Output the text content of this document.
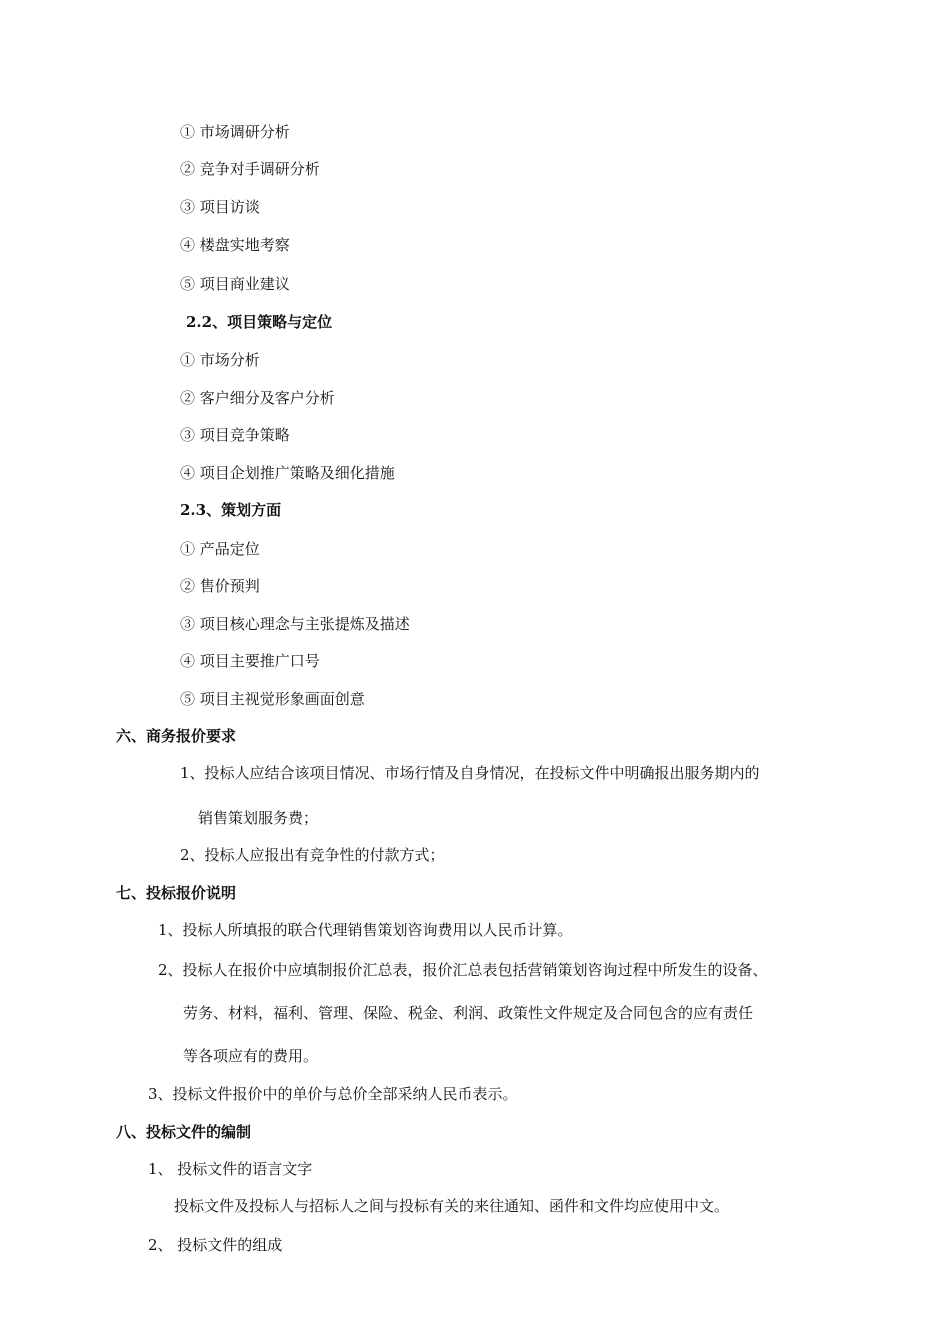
① 市场调研分析
② 竞争对手调研分析
③ 项目访谈
④ 楼盘实地考察
⑤ 项目商业建议
2.2、项目策略与定位
① 市场分析
② 客户细分及客户分析
③ 项目竞争策略
④ 项目企划推广策略及细化措施
2.3、策划方面
① 产品定位
② 售价预判
③ 项目核心理念与主张提炼及描述
④ 项目主要推广口号
⑤ 项目主视觉形象画面创意
六、商务报价要求
1、投标人应结合该项目情况、市场行情及自身情况，在投标文件中明确报出服务期内的
销售策划服务费；
2、投标人应报出有竞争性的付款方式；
七、投标报价说明
1、投标人所填报的联合代理销售策划咨询费用以人民币计算。
2、投标人在报价中应填制报价汇总表，报价汇总表包括营销策划咨询过程中所发生的设备、
劳务、材料，福利、管理、保险、税金、利润、政策性文件规定及合同包含的应有责任
等各项应有的费用。
3、投标文件报价中的单价与总价全部采纳人民币表示。
八、投标文件的编制
1、 投标文件的语言文字
投标文件及投标人与招标人之间与投标有关的来往通知、函件和文件均应使用中文。
2、 投标文件的组成
